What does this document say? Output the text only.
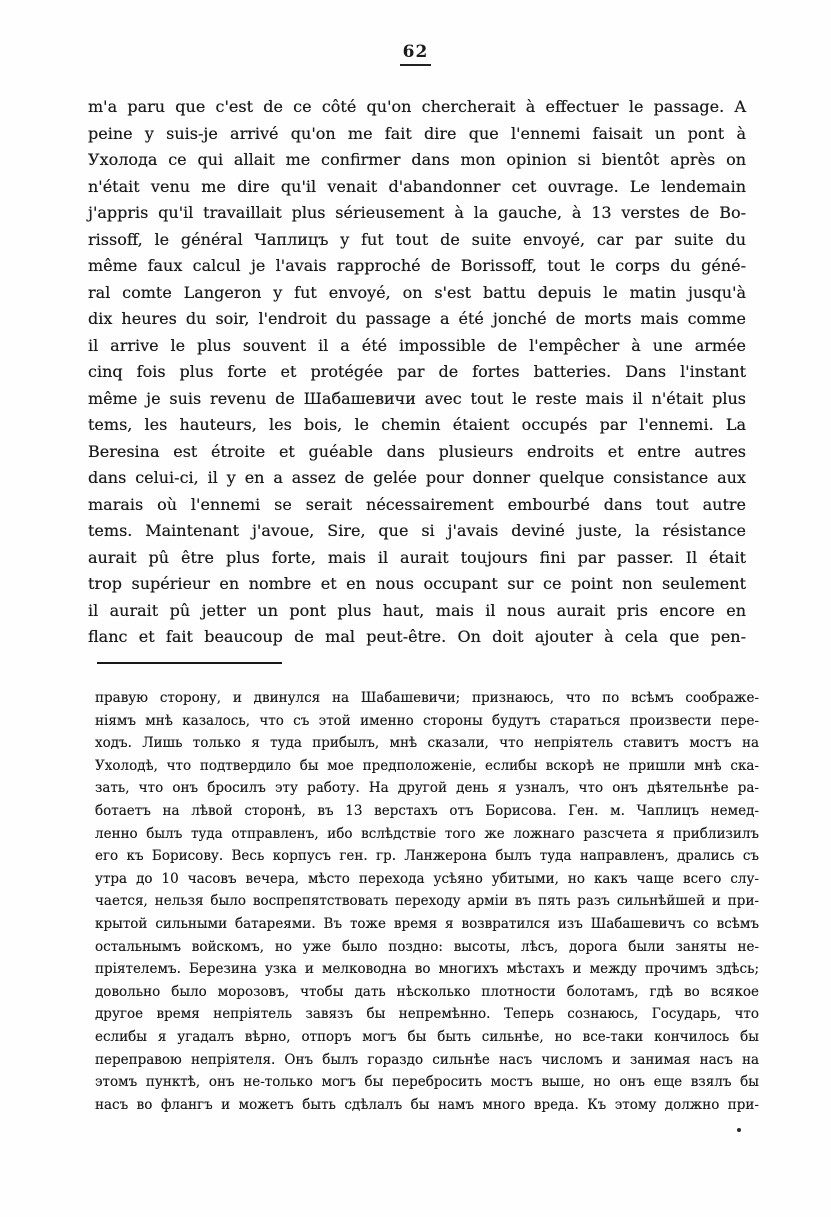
62
m'a paru que c'est de ce côté qu'on chercherait à effectuer le passage. A
peine y suis-je arrivé qu'on me fait dire que l'ennemi faisait un pont à
Ухолода ce qui allait me confirmer dans mon opinion si bientôt après on
n'était venu me dire qu'il venait d'abandonner cet ouvrage. Le lendemain
j'appris qu'il travaillait plus sérieusement à la gauche, à 13 verstes de Bo-
rissoff, le général Чаплицъ y fut tout de suite envoyé, car par suite du
même faux calcul je l'avais rapproché de Borissoff, tout le corps du géné-
ral comte Langeron y fut envoyé, on s'est battu depuis le matin jusqu'à
dix heures du soir, l'endroit du passage a été jonché de morts mais comme
il arrive le plus souvent il a été impossible de l'empêcher à une armée
cinq fois plus forte et protégée par de fortes batteries. Dans l'instant
même je suis revenu de Шабашевичи avec tout le reste mais il n'était plus
tems, les hauteurs, les bois, le chemin étaient occupés par l'ennemi. La
Beresina est étroite et guéable dans plusieurs endroits et entre autres
dans celui-ci, il y en a assez de gelée pour donner quelque consistance aux
marais où l'ennemi se serait nécessairement embourbé dans tout autre
tems. Maintenant j'avoue, Sire, que si j'avais deviné juste, la résistance
aurait pû être plus forte, mais il aurait toujours fini par passer. Il était
trop supérieur en nombre et en nous occupant sur ce point non seulement
il aurait pû jetter un pont plus haut, mais il nous aurait pris encore en
flanc et fait beaucoup de mal peut-être. On doit ajouter à cela que pen-
правую сторону, и двинулся на Шабашевичи; признаюсь, что по всѣмъ соображе-
ніямъ мнѣ казалось, что съ этой именно стороны будутъ стараться произвести пере-
ходъ. Лишь только я туда прибылъ, мнѣ сказали, что непріятель ставитъ мостъ на
Ухолодѣ, что подтвердило бы мое предположеніе, еслибы вскорѣ не пришли мнѣ ска-
зать, что онъ бросилъ эту работу. На другой день я узналъ, что онъ дѣятельнѣе ра-
ботаетъ на лѣвой сторонѣ, въ 13 верстахъ отъ Борисова. Ген. м. Чаплицъ немед-
ленно былъ туда отправленъ, ибо вслѣдствіе того же ложнаго разсчета я приблизилъ
его къ Борисову. Весь корпусъ ген. гр. Ланжерона былъ туда направленъ, дрались съ
утра до 10 часовъ вечера, мѣсто перехода усѣяно убитыми, но какъ чаще всего слу-
чается, нельзя было воспрепятствовать переходу арміи въ пять разъ сильнѣйшей и при-
крытой сильными батареями. Въ тоже время я возвратился изъ Шабашевичъ со всѣмъ
остальнымъ войскомъ, но уже было поздно: высоты, лѣсъ, дорога были заняты не-
пріятелемъ. Березина узка и мелководна во многихъ мѣстахъ и между прочимъ здѣсь;
довольно было морозовъ, чтобы дать нѣсколько плотности болотамъ, гдѣ во всякое
другое время непріятель завязъ бы непремѣнно. Теперь сознаюсь, Государь, что
еслибы я угадалъ вѣрно, отпоръ могъ бы быть сильнѣе, но все-таки кончилось бы
переправою непріятеля. Онъ былъ гораздо сильнѣе насъ числомъ и занимая насъ на
этомъ пунктѣ, онъ не-только могъ бы перебросить мостъ выше, но онъ еще взялъ бы
насъ во флангъ и можетъ быть сдѣлалъ бы намъ много вреда. Къ этому должно при-
